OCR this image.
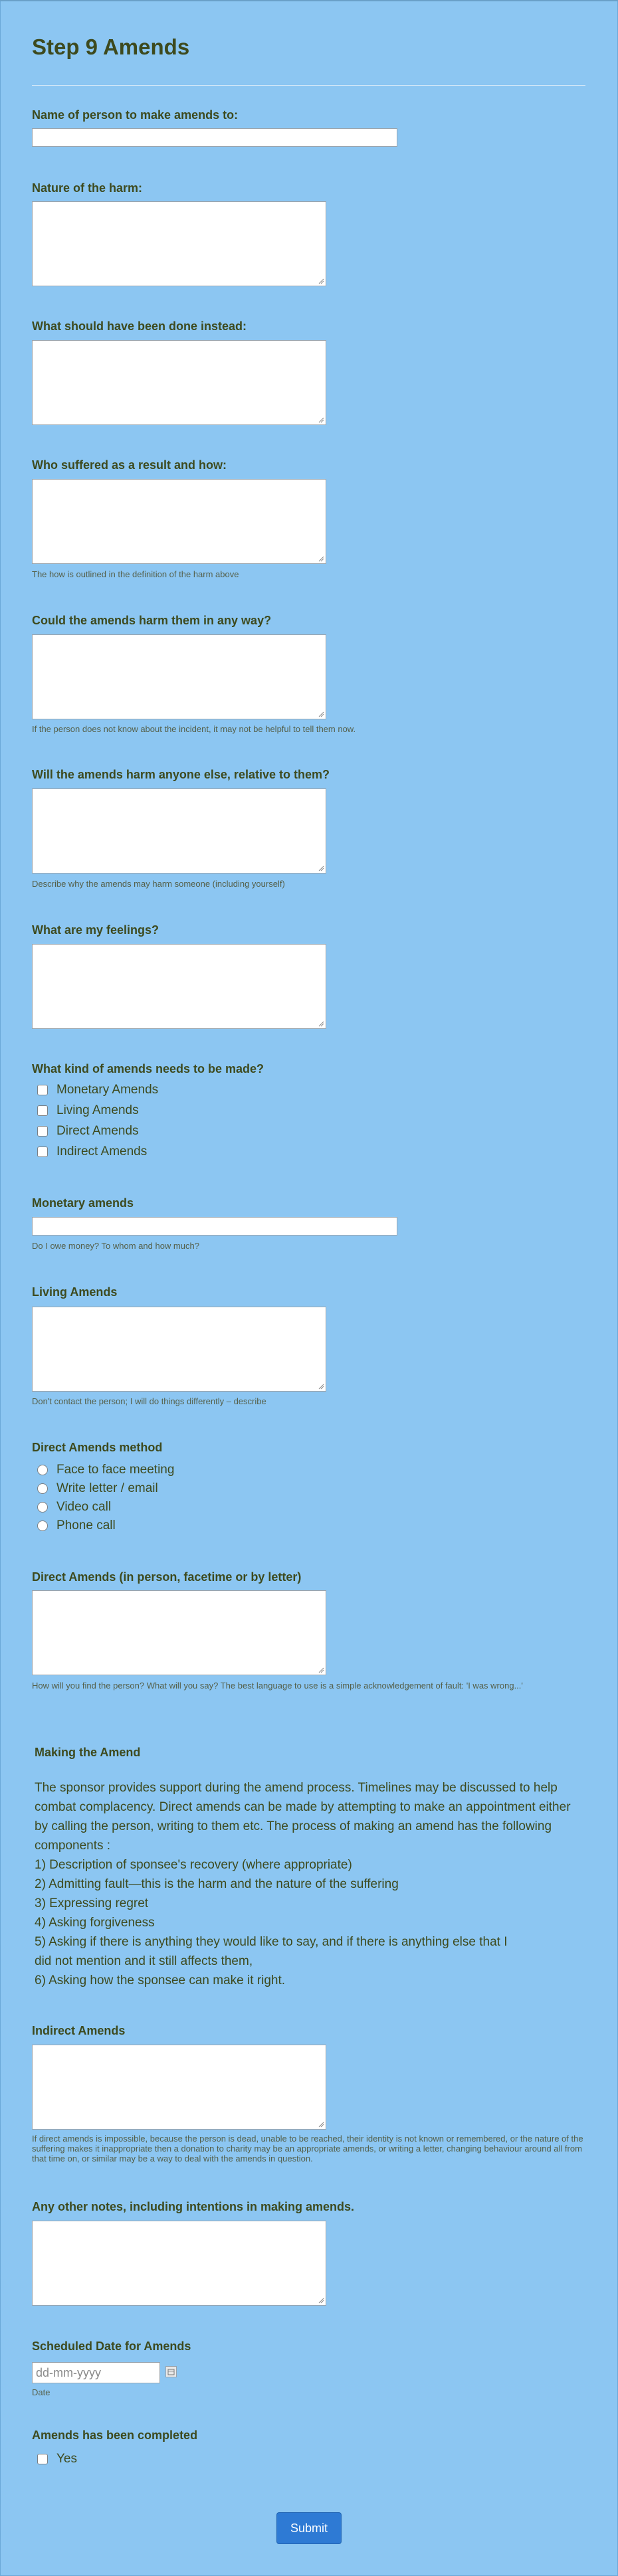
Step 9 Amends
Name of person to make amends to:
Nature of the harm:
What should have been done instead:
Who suffered as a result and how:
The how is outlined in the definition of the harm above
Could the amends harm them in any way?
If the person does not know about the incident, it may not be helpful to tell them now.
Will the amends harm anyone else, relative to them?
Describe why the amends may harm someone (including yourself)
What are my feelings?
What kind of amends needs to be made?
Monetary Amends
Living Amends
Direct Amends
Indirect Amends
Monetary amends
Do I owe money? To whom and how much?
Living Amends
Don't contact the person; I will do things differently – describe
Direct Amends method
Face to face meeting
Write letter / email
Video call
Phone call
Direct Amends (in person, facetime or by letter)
How will you find the person? What will you say? The best language to use is a simple acknowledgement of fault: 'I was wrong...'
Making the Amend

The sponsor provides support during the amend process. Timelines may be discussed to help combat complacency. Direct amends can be made by attempting to make an appointment either by calling the person, writing to them etc. The process of making an amend has the following components :

1) Description of sponsee's recovery (where appropriate)

2) Admitting fault—this is the harm and the nature of the suffering

3) Expressing regret

4) Asking forgiveness

5) Asking if there is anything they would like to say, and if there is anything else that I did not mention and it still affects them,

6) Asking how the sponsee can make it right.

Indirect Amends
If direct amends is impossible, because the person is dead, unable to be reached, their identity is not known or remembered, or the nature of the suffering makes it inappropriate then a donation to charity may be an appropriate amends, or writing a letter, changing behaviour around all from that time on, or similar may be a way to deal with the amends in question.
Any other notes, including intentions in making amends.
Scheduled Date for Amends
dd-mm-yyyy
Date
Amends has been completed
Yes
Submit
